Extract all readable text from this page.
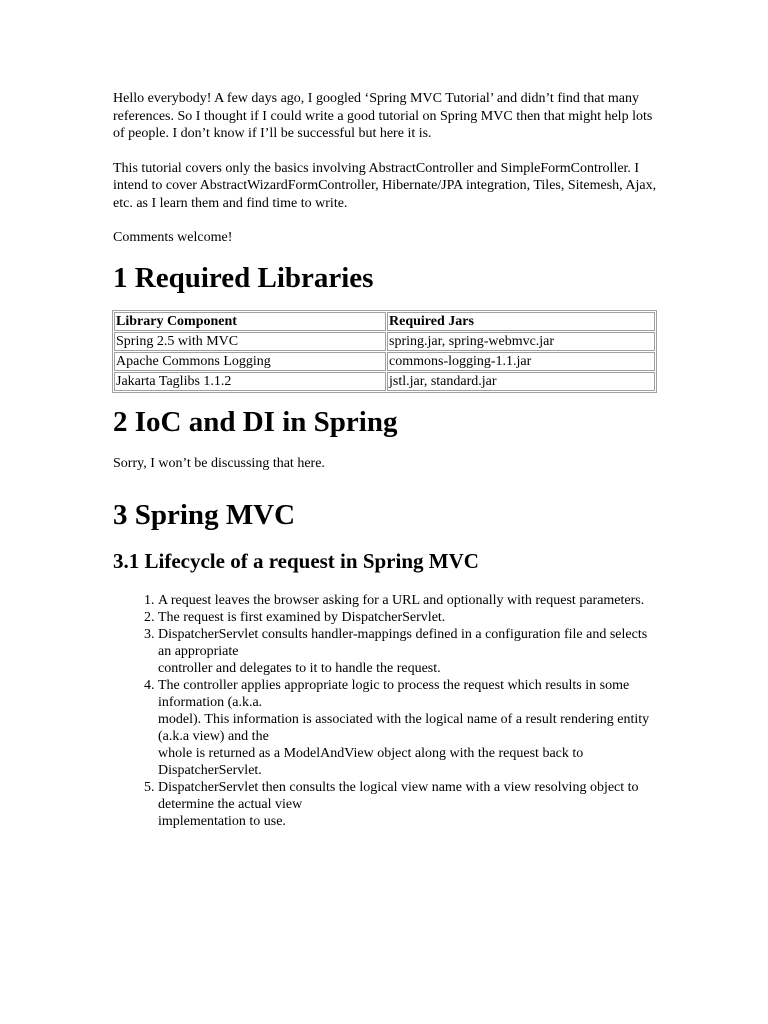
Hello everybody! A few days ago, I googled ‘Spring MVC Tutorial’ and didn’t find that many references. So I thought if I could write a good tutorial on Spring MVC then that might help lots of people. I don’t know if I’ll be successful but here it is.

This tutorial covers only the basics involving AbstractController and SimpleFormController. I intend to cover AbstractWizardFormController, Hibernate/JPA integration, Tiles, Sitemesh, Ajax, etc. as I learn them and find time to write.

Comments welcome!

1 Required Libraries
Library Component	Required Jars
Spring 2.5 with MVC	spring.jar, spring-webmvc.jar
Apache Commons Logging	commons-logging-1.1.jar
Jakarta Taglibs 1.1.2	jstl.jar, standard.jar
2 IoC and DI in Spring

Sorry, I won’t be discussing that here.

3 Spring MVC
3.1 Lifecycle of a request in Spring MVC
1. A request leaves the browser asking for a URL and optionally with request parameters.
2. The request is first examined by DispatcherServlet.
3. DispatcherServlet consults handler-mappings defined in a configuration file and selects an appropriate
controller and delegates to it to handle the request.
4. The controller applies appropriate logic to process the request which results in some information (a.k.a.
model). This information is associated with the logical name of a result rendering entity (a.k.a view) and the
whole is returned as a ModelAndView object along with the request back to DispatcherServlet.
5. DispatcherServlet then consults the logical view name with a view resolving object to determine the actual view
implementation to use.
